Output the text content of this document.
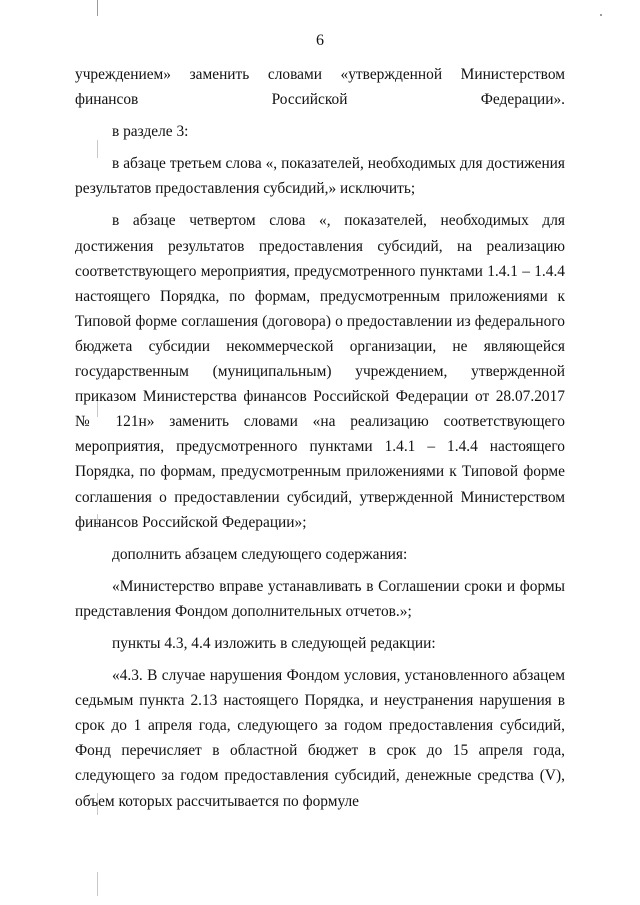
6

учреждением» заменить словами «утвержденной Министерством финансов Российской Федерации».

в разделе 3:

в абзаце третьем слова «, показателей, необходимых для достижения результатов предоставления субсидий,» исключить;

в абзаце четвертом слова «, показателей, необходимых для достижения результатов предоставления субсидий, на реализацию соответствующего мероприятия, предусмотренного пунктами 1.4.1 – 1.4.4 настоящего Порядка, по формам, предусмотренным приложениями к Типовой форме соглашения (договора) о предоставлении из федерального бюджета субсидии некоммерческой организации, не являющейся государственным (муниципальным) учреждением, утвержденной приказом Министерства финансов Российской Федерации от 28.07.2017 № 121н» заменить словами «на реализацию соответствующего мероприятия, предусмотренного пунктами 1.4.1 – 1.4.4 настоящего Порядка, по формам, предусмотренным приложениями к Типовой форме соглашения о предоставлении субсидий, утвержденной Министерством финансов Российской Федерации»;

дополнить абзацем следующего содержания:

«Министерство вправе устанавливать в Соглашении сроки и формы представления Фондом дополнительных отчетов.»;

пункты 4.3, 4.4 изложить в следующей редакции:

«4.3. В случае нарушения Фондом условия, установленного абзацем седьмым пункта 2.13 настоящего Порядка, и неустранения нарушения в срок до 1 апреля года, следующего за годом предоставления субсидий, Фонд перечисляет в областной бюджет в срок до 15 апреля года, следующего за годом предоставления субсидий, денежные средства (V), объем которых рассчитывается по формуле
